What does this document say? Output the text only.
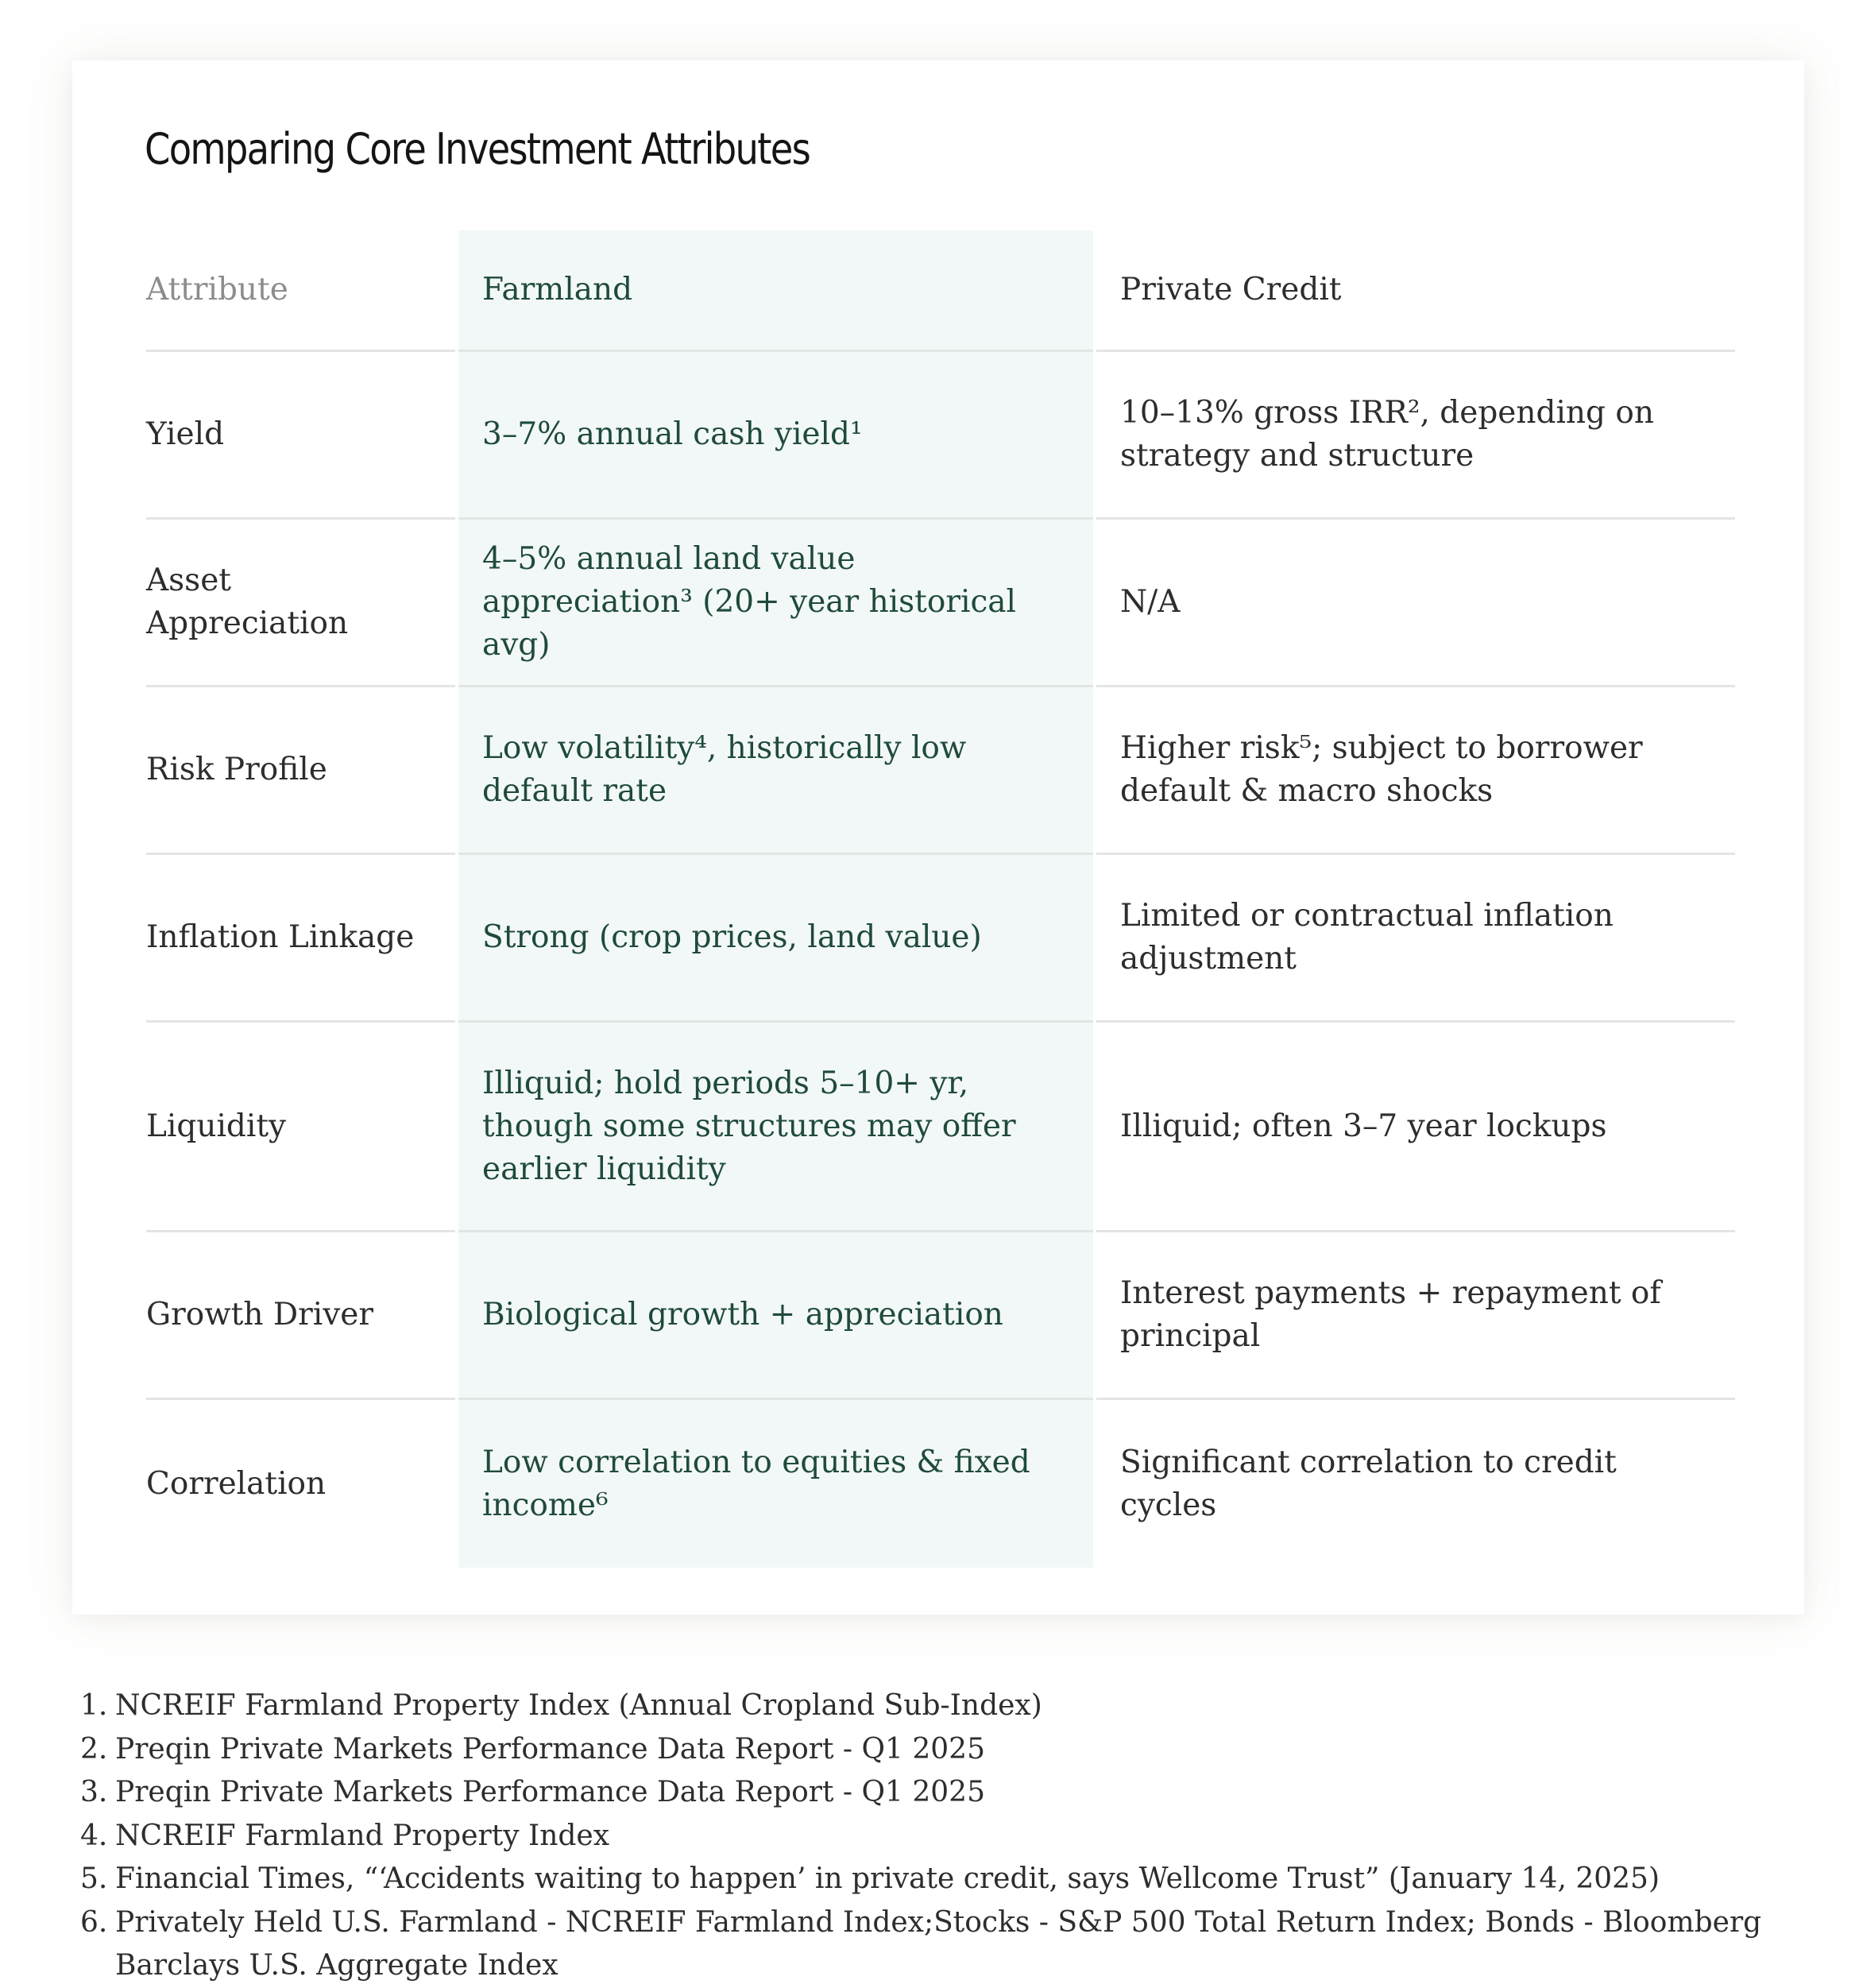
Comparing Core Investment Attributes
Attribute	Farmland	Private Credit
Yield	3–7% annual cash yield¹	10–13% gross IRR², depending on strategy and structure
Asset Appreciation	4–5% annual land value appreciation³ (20+ year historical avg)	N/A
Risk Profile	Low volatility⁴, historically low default rate	Higher risk⁵; subject to borrower default & macro shocks
Inflation Linkage	Strong (crop prices, land value)	Limited or contractual inflation adjustment
Liquidity	Illiquid; hold periods 5–10+ yr, though some structures may offer earlier liquidity	Illiquid; often 3–7 year lockups
Growth Driver	Biological growth + appreciation	Interest payments + repayment of principal
Correlation	Low correlation to equities & fixed income⁶	Significant correlation to credit cycles
1. NCREIF Farmland Property Index (Annual Cropland Sub-Index)
2. Preqin Private Markets Performance Data Report - Q1 2025
3. Preqin Private Markets Performance Data Report - Q1 2025
4. NCREIF Farmland Property Index
5. Financial Times, “‘Accidents waiting to happen’ in private credit, says Wellcome Trust” (January 14, 2025)
6. Privately Held U.S. Farmland - NCREIF Farmland Index;Stocks - S&P 500 Total Return Index; Bonds - Bloomberg Barclays U.S. Aggregate Index
